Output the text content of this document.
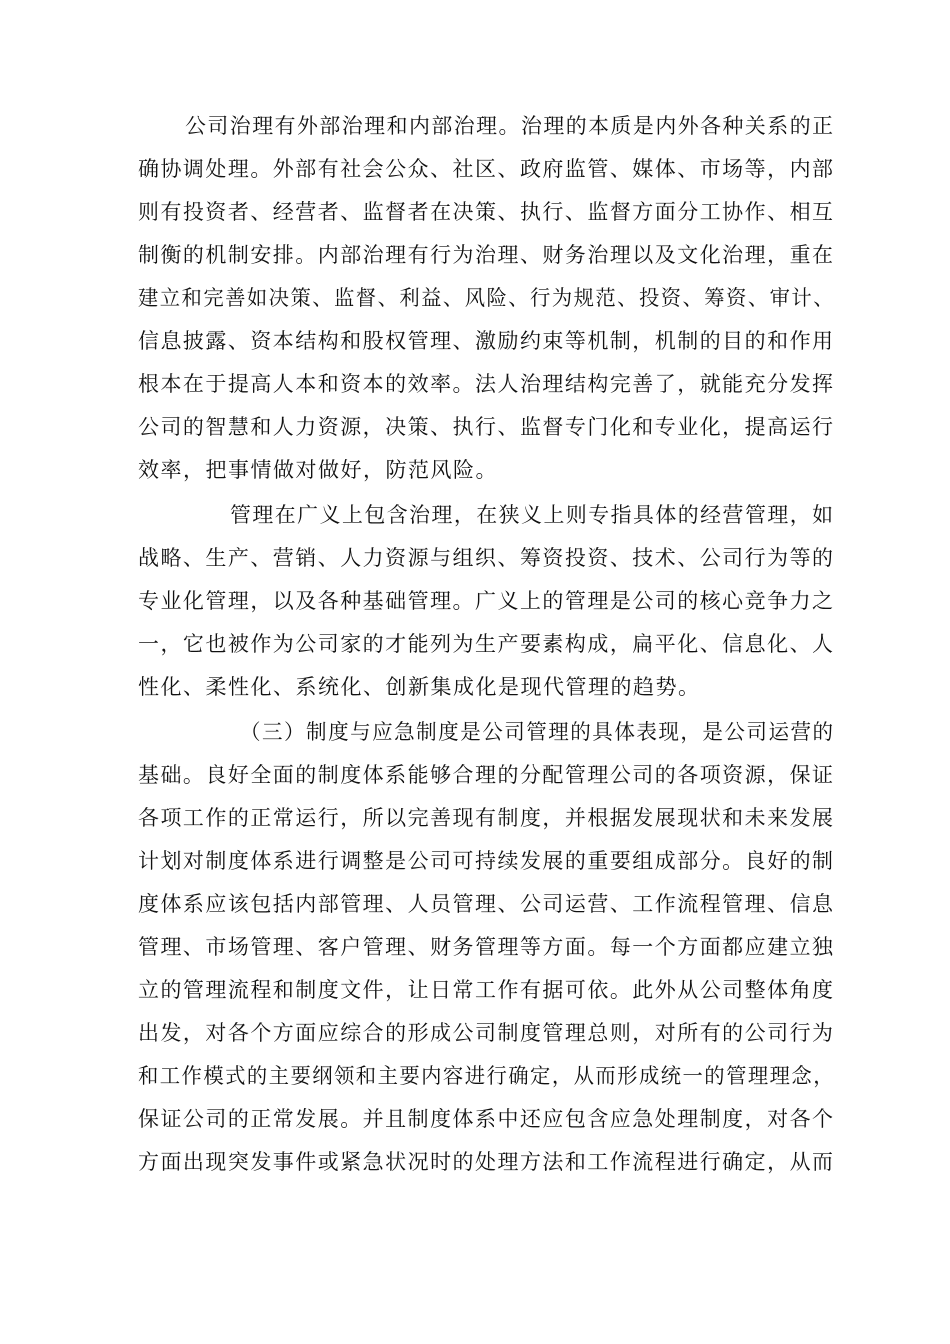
公司治理有外部治理和内部治理。治理的本质是内外各种关系的正

确协调处理。外部有社会公众、社区、政府监管、媒体、市场等，内部

则有投资者、经营者、监督者在决策、执行、监督方面分工协作、相互

制衡的机制安排。内部治理有行为治理、财务治理以及文化治理，重在

建立和完善如决策、监督、利益、风险、行为规范、投资、筹资、审计、

信息披露、资本结构和股权管理、激励约束等机制，机制的目的和作用

根本在于提高人本和资本的效率。法人治理结构完善了，就能充分发挥

公司的智慧和人力资源，决策、执行、监督专门化和专业化，提高运行

效率，把事情做对做好，防范风险。

管理在广义上包含治理，在狭义上则专指具体的经营管理，如

战略、生产、营销、人力资源与组织、筹资投资、技术、公司行为等的

专业化管理，以及各种基础管理。广义上的管理是公司的核心竞争力之

一，它也被作为公司家的才能列为生产要素构成，扁平化、信息化、人

性化、柔性化、系统化、创新集成化是现代管理的趋势。

（三）制度与应急制度是公司管理的具体表现，是公司运营的

基础。良好全面的制度体系能够合理的分配管理公司的各项资源，保证

各项工作的正常运行，所以完善现有制度，并根据发展现状和未来发展

计划对制度体系进行调整是公司可持续发展的重要组成部分。良好的制

度体系应该包括内部管理、人员管理、公司运营、工作流程管理、信息

管理、市场管理、客户管理、财务管理等方面。每一个方面都应建立独

立的管理流程和制度文件，让日常工作有据可依。此外从公司整体角度

出发，对各个方面应综合的形成公司制度管理总则，对所有的公司行为

和工作模式的主要纲领和主要内容进行确定，从而形成统一的管理理念，

保证公司的正常发展。并且制度体系中还应包含应急处理制度，对各个

方面出现突发事件或紧急状况时的处理方法和工作流程进行确定，从而
